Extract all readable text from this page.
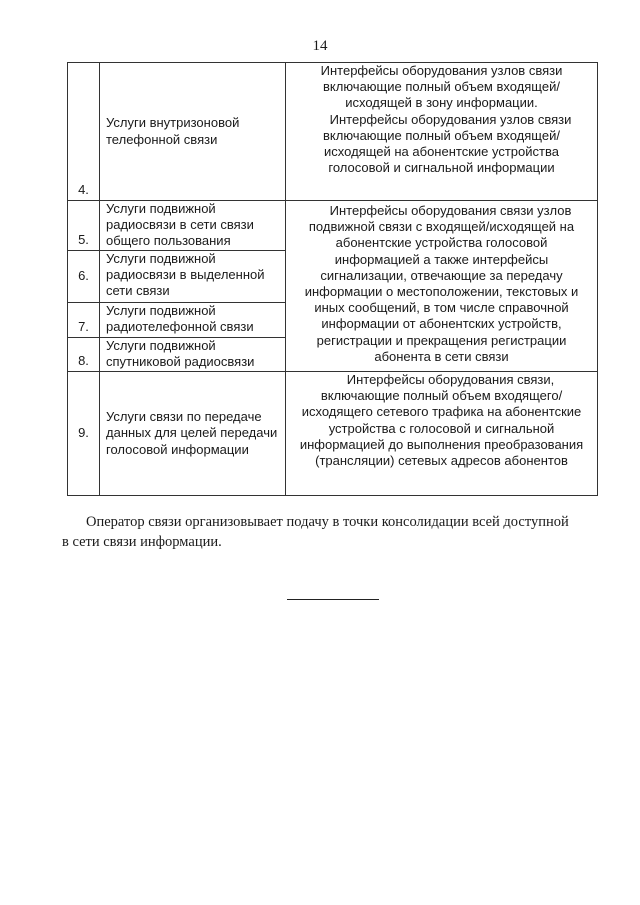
14
4.	Услуги внутризоновой телефонной связи	Интерфейсы оборудования узлов связи включающие полный объем входящей/исходящей в зону информации.

Интерфейсы оборудования узлов связи включающие полный объем входящей/исходящей на абонентские устройства голосовой и сигнальной информации

5.	Услуги подвижной радиосвязи в сети связи общего пользования	Интерфейсы оборудования связи узлов подвижной связи с входящей/исходящей на абонентские устройства голосовой информацией а также интерфейсы сигнализации, отвечающие за передачу информации о местоположении, текстовых и иных сообщений, в том числе справочной информации от абонентских устройств, регистрации и прекращения регистрации абонента в сети связи

6.	Услуги подвижной радиосвязи в выделенной сети связи	
7.	Услуги подвижной радиотелефонной связи	
8.	Услуги подвижной спутниковой радиосвязи	
9.	Услуги связи по передаче данных для целей передачи голосовой информации	Интерфейсы оборудования связи, включающие полный объем входящего/исходящего сетевого трафика на абонентские устройства с голосовой и сигнальной информацией до выполнения преобразования (трансляции) сетевых адресов абонентов

Оператор связи организовывает подачу в точки консолидации всей доступной
в сети связи информации.
